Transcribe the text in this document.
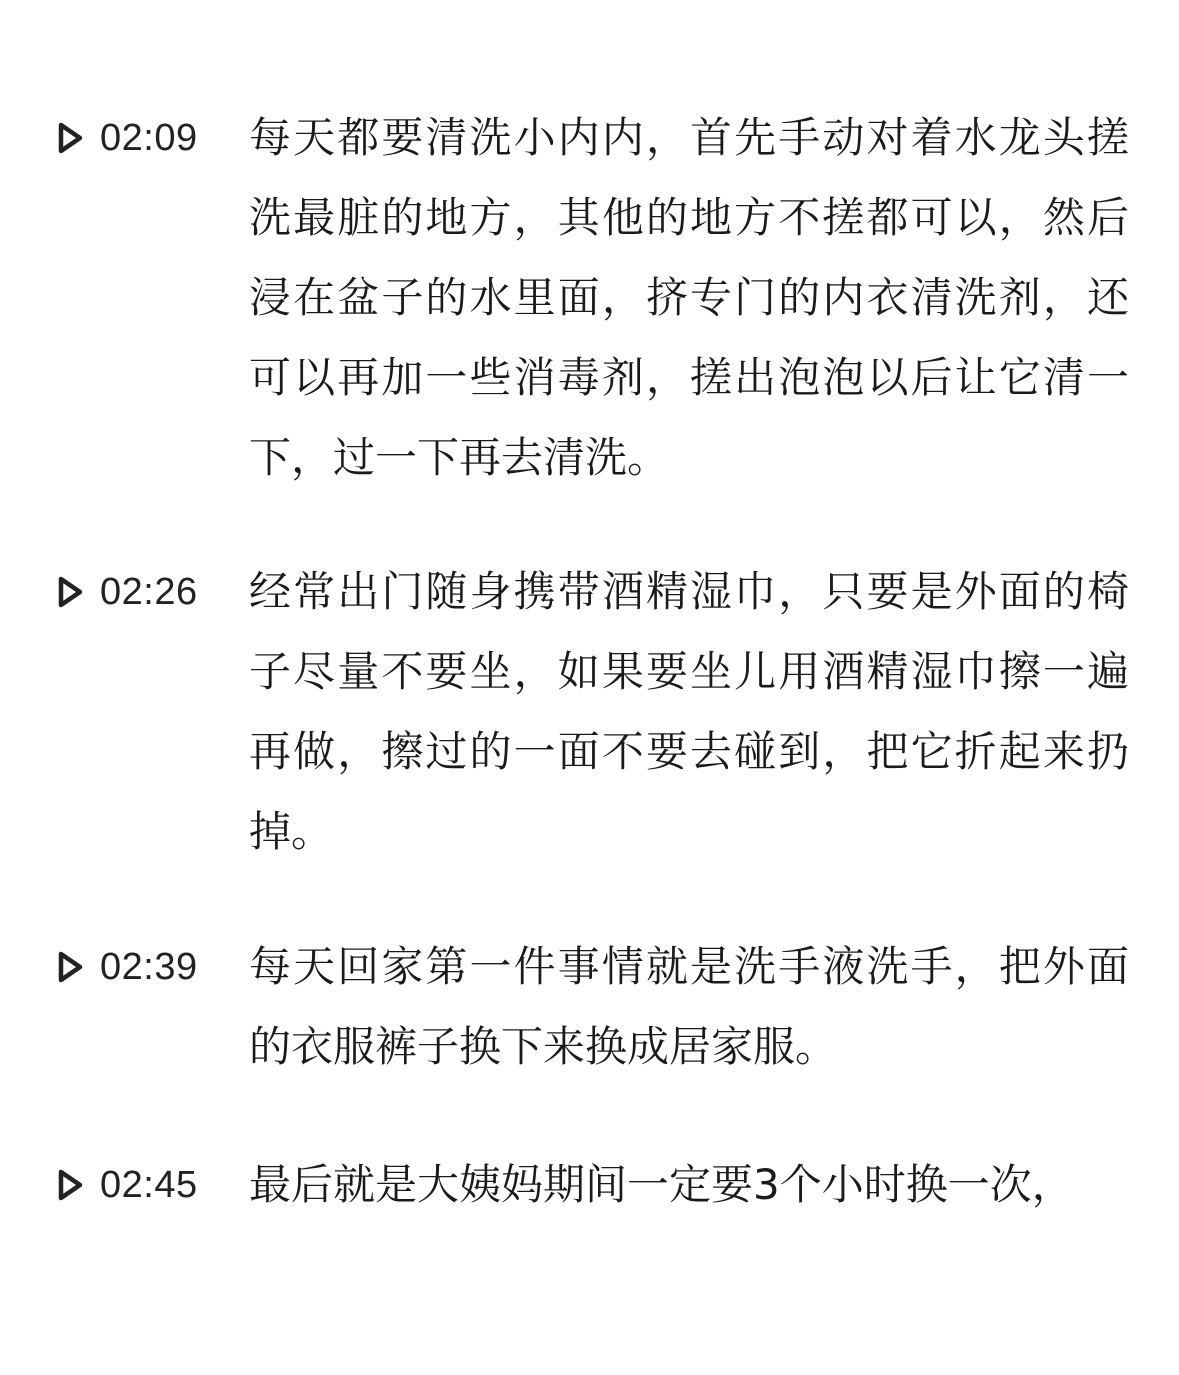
02:09 每天都要清洗小内内，首先手动对着水龙头搓洗最脏的地方，其他的地方不搓都可以，然后浸在盆子的水里面，挤专门的内衣清洗剂，还可以再加一些消毒剂，搓出泡泡以后让它清一下，过一下再去清洗。

02:26 经常出门随身携带酒精湿巾，只要是外面的椅子尽量不要坐，如果要坐儿用酒精湿巾擦一遍再做，擦过的一面不要去碰到，把它折起来扔掉。

02:39 每天回家第一件事情就是洗手液洗手，把外面的衣服裤子换下来换成居家服。

02:45 最后就是大姨妈期间一定要3个小时换一次，
